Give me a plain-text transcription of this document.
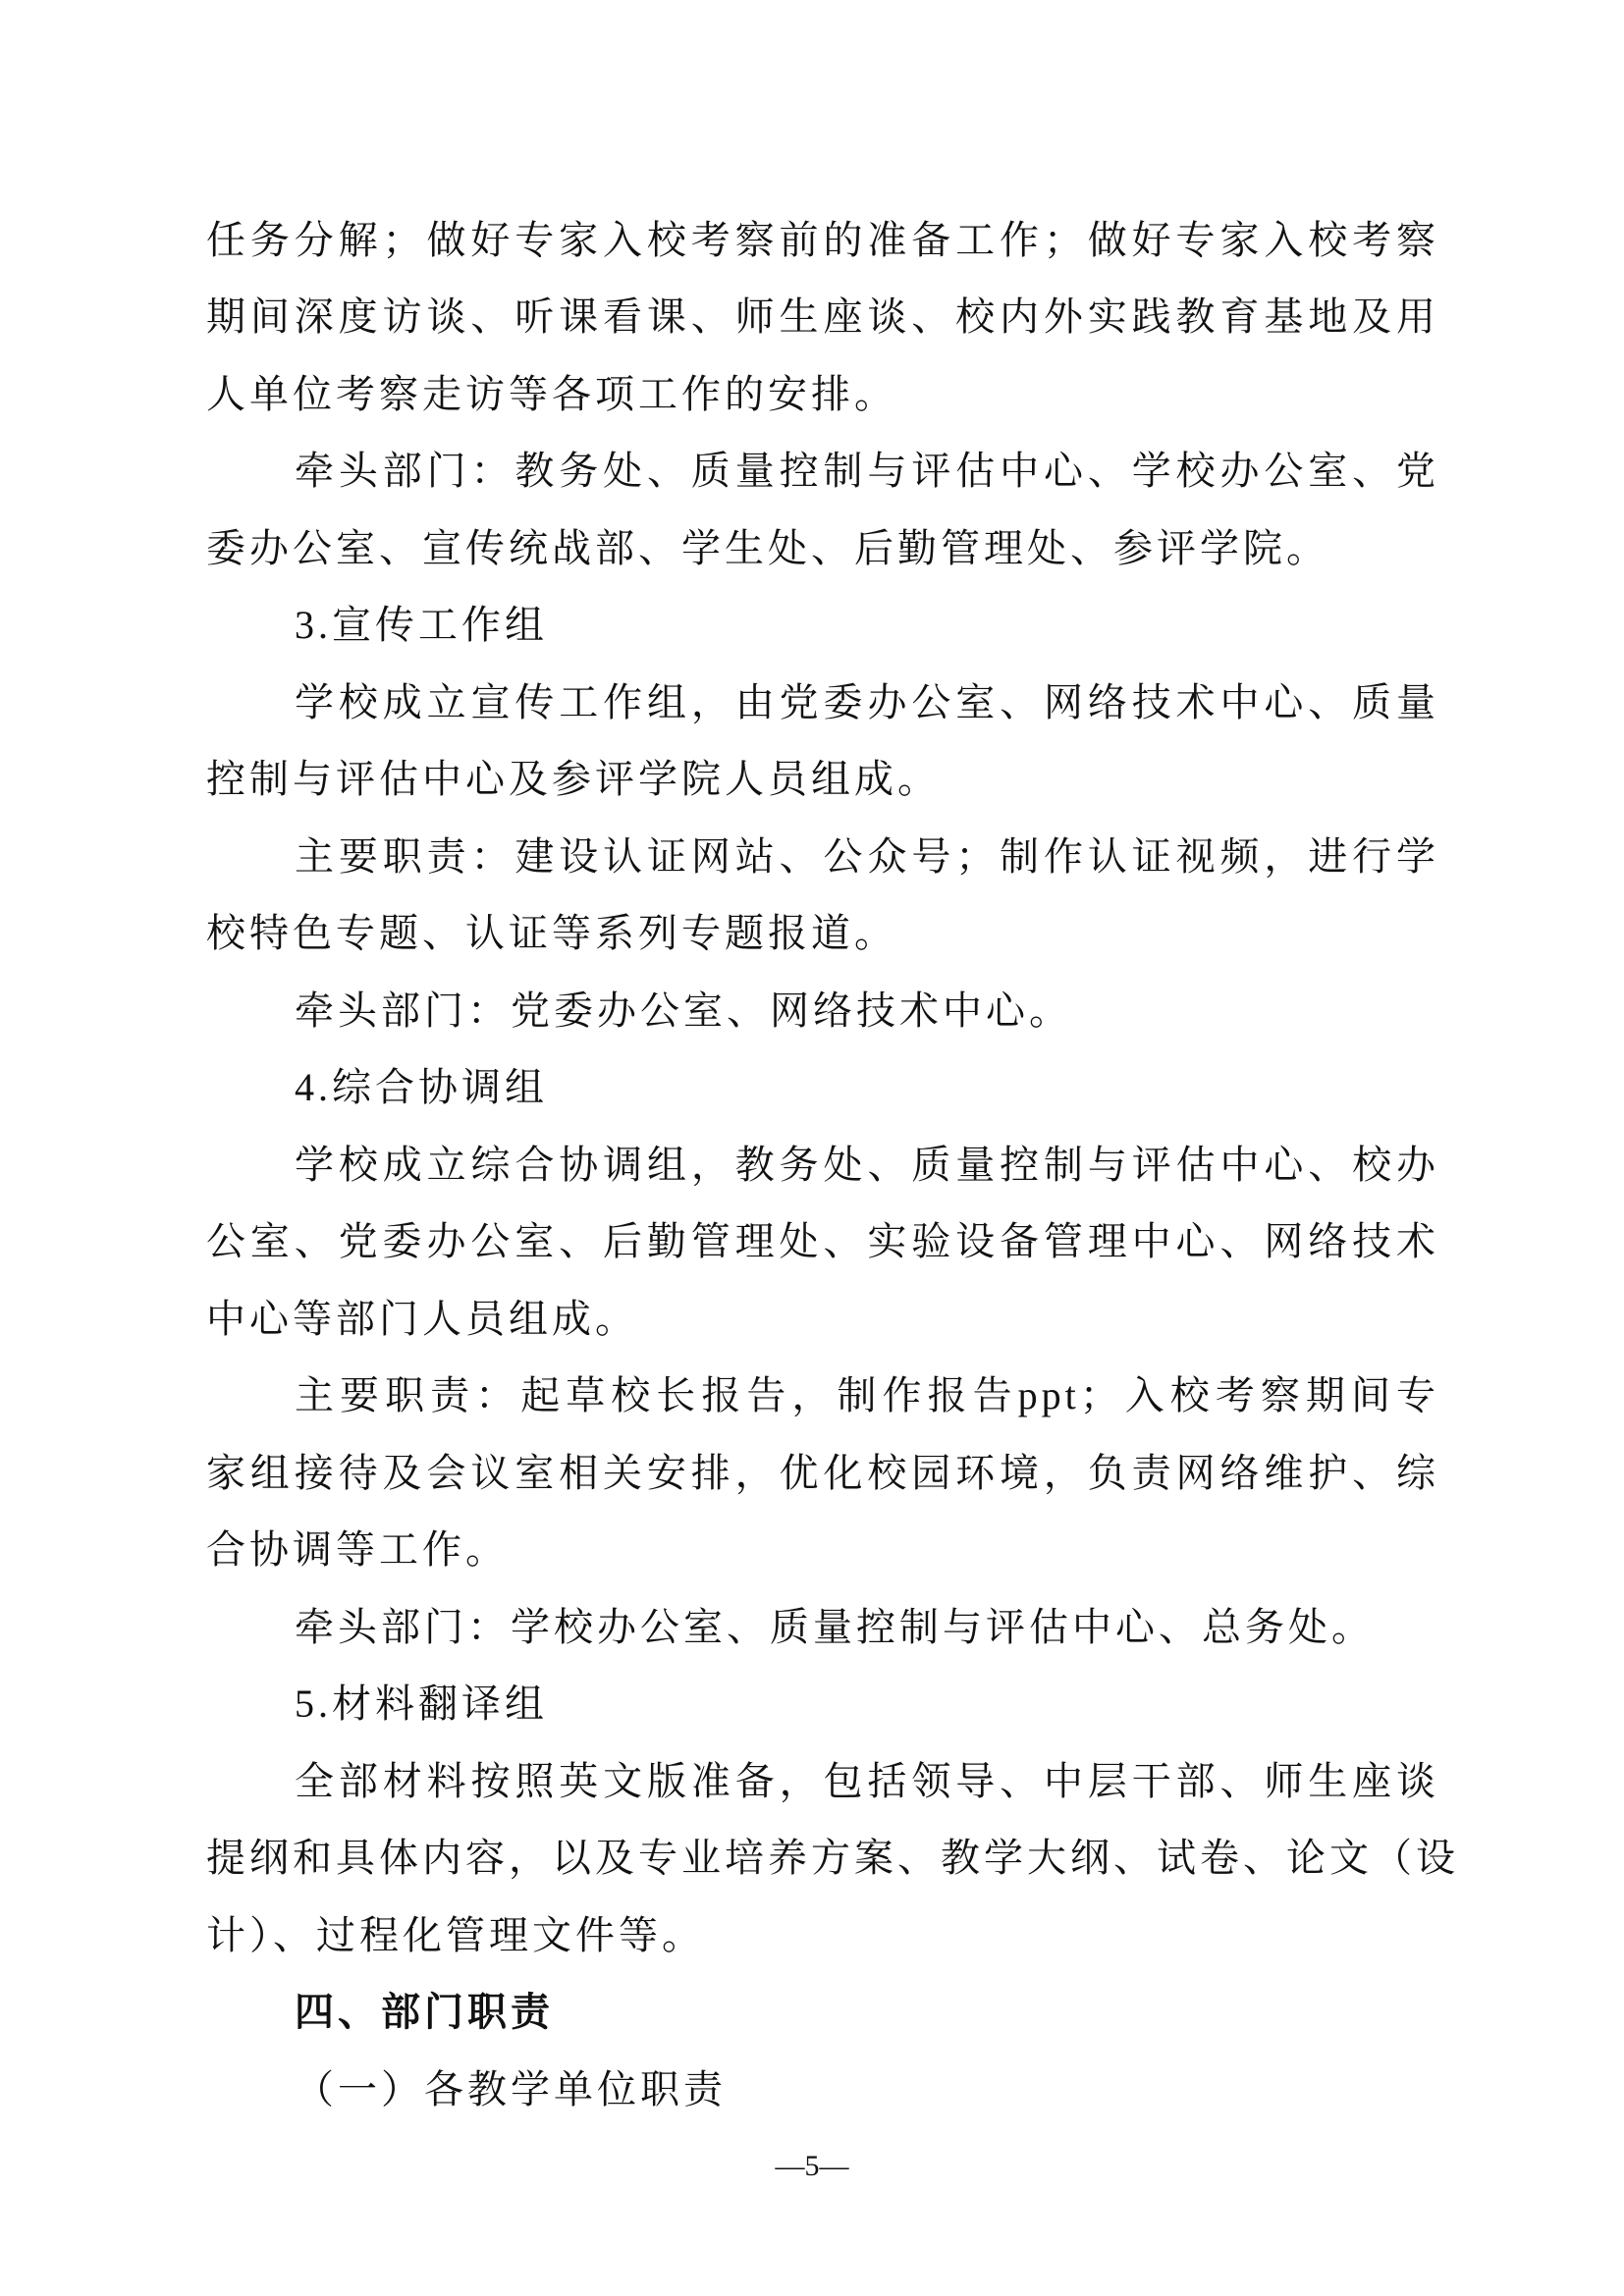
任务分解；做好专家入校考察前的准备工作；做好专家入校考察
期间深度访谈、听课看课、师生座谈、校内外实践教育基地及用
人单位考察走访等各项工作的安排。
牵头部门：教务处、质量控制与评估中心、学校办公室、党
委办公室、宣传统战部、学生处、后勤管理处、参评学院。
3.宣传工作组
学校成立宣传工作组，由党委办公室、网络技术中心、质量
控制与评估中心及参评学院人员组成。
主要职责：建设认证网站、公众号；制作认证视频，进行学
校特色专题、认证等系列专题报道。
牵头部门：党委办公室、网络技术中心。
4.综合协调组
学校成立综合协调组，教务处、质量控制与评估中心、校办
公室、党委办公室、后勤管理处、实验设备管理中心、网络技术
中心等部门人员组成。
主要职责：起草校长报告，制作报告ppt；入校考察期间专
家组接待及会议室相关安排，优化校园环境，负责网络维护、综
合协调等工作。
牵头部门：学校办公室、质量控制与评估中心、总务处。
5.材料翻译组
全部材料按照英文版准备，包括领导、中层干部、师生座谈
提纲和具体内容，以及专业培养方案、教学大纲、试卷、论文（设
计）、过程化管理文件等。
四、部门职责
（一）各教学单位职责
—5—
